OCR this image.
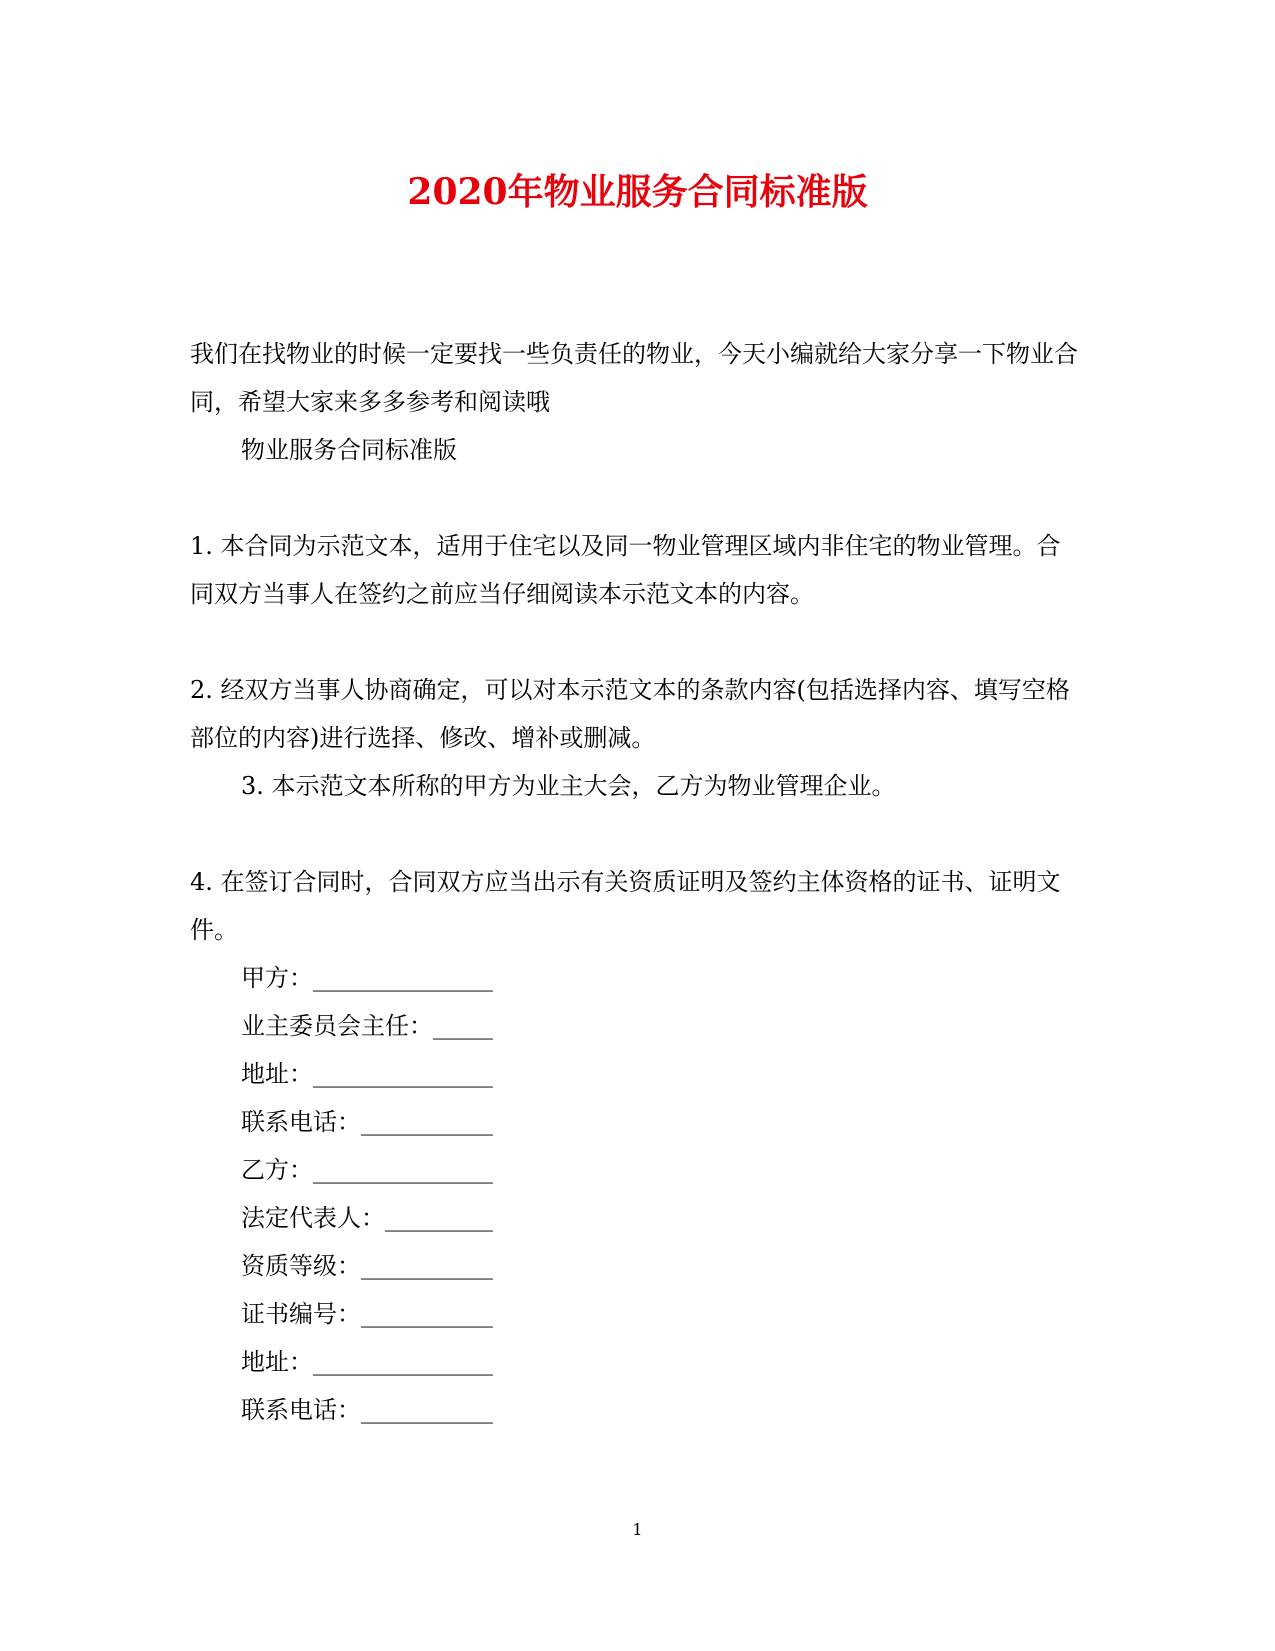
2020年物业服务合同标准版

我们在找物业的时候一定要找一些负责任的物业，今天小编就给大家分享一下物业合同，希望大家来多多参考和阅读哦

物业服务合同标准版

1. 本合同为示范文本，适用于住宅以及同一物业管理区域内非住宅的物业管理。合同双方当事人在签约之前应当仔细阅读本示范文本的内容。

2. 经双方当事人协商确定，可以对本示范文本的条款内容(包括选择内容、填写空格部位的内容)进行选择、修改、增补或删减。

3. 本示范文本所称的甲方为业主大会，乙方为物业管理企业。

4. 在签订合同时，合同双方应当出示有关资质证明及签约主体资格的证书、证明文件。

甲方：_______________
业主委员会主任：_____
地址：_______________
联系电话：___________
乙方：_______________
法定代表人：_________
资质等级：___________
证书编号：___________
地址：_______________
联系电话：___________
1
